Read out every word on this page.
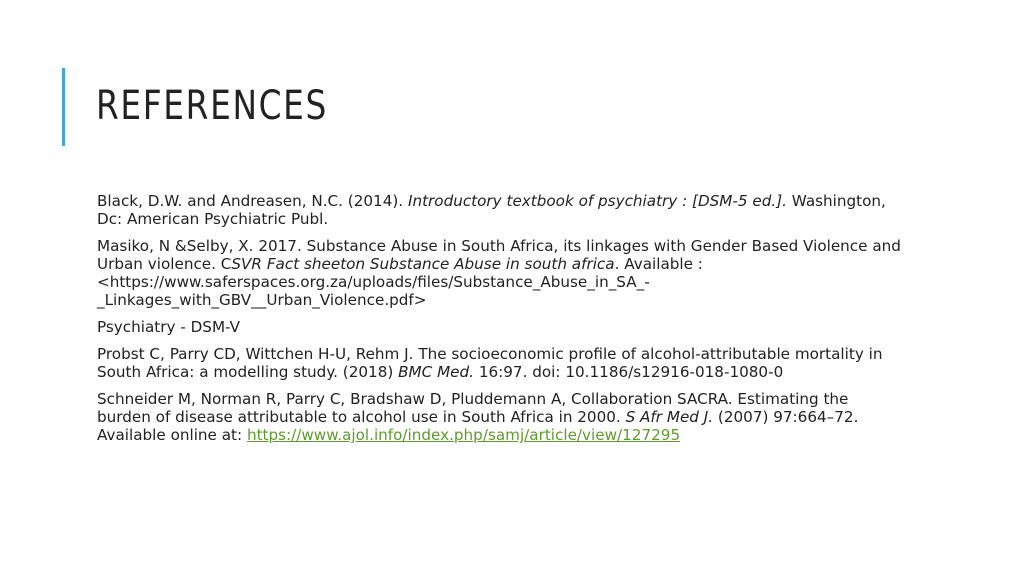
REFERENCES

Black, D.W. and Andreasen, N.C. (2014). Introductory textbook of psychiatry : [DSM-5 ed.]. Washington, Dc: American Psychiatric Publ.

Masiko, N &Selby, X. 2017. Substance Abuse in South Africa, its linkages with Gender Based Violence and Urban violence. CSVR Fact sheeton Substance Abuse in south africa. Available : <https://www.saferspaces.org.za/uploads/files/Substance_Abuse_in_SA_-_Linkages_with_GBV__Urban_Violence.pdf>

Psychiatry - DSM-V

Probst C, Parry CD, Wittchen H-U, Rehm J. The socioeconomic profile of alcohol-attributable mortality in South Africa: a modelling study. (2018) BMC Med. 16:97. doi: 10.1186/s12916-018-1080-0

Schneider M, Norman R, Parry C, Bradshaw D, Pluddemann A, Collaboration SACRA. Estimating the burden of disease attributable to alcohol use in South Africa in 2000. S Afr Med J. (2007) 97:664–72. Available online at: https://www.ajol.info/index.php/samj/article/view/127295
